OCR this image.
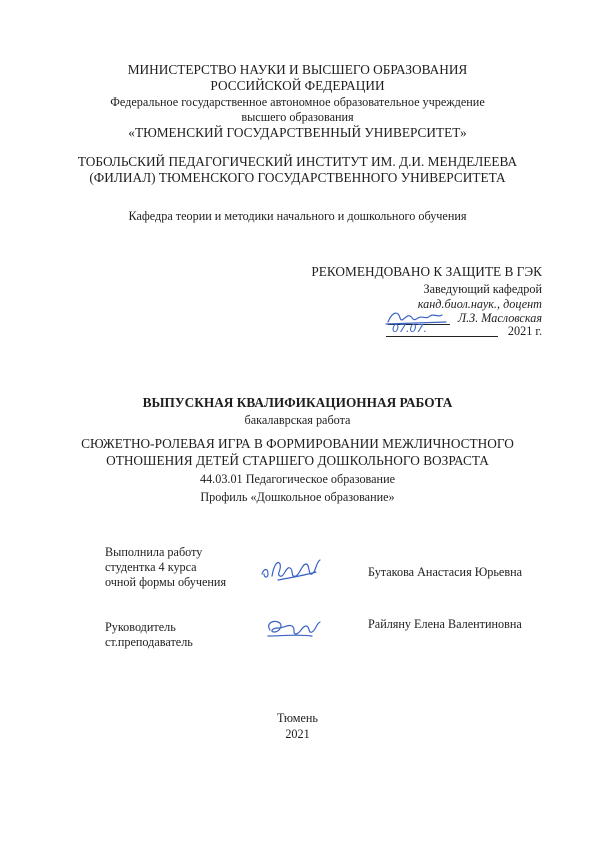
МИНИСТЕРСТВО НАУКИ И ВЫСШЕГО ОБРАЗОВАНИЯ
РОССИЙСКОЙ ФЕДЕРАЦИИ
Федеральное государственное автономное образовательное учреждение
высшего образования
«ТЮМЕНСКИЙ ГОСУДАРСТВЕННЫЙ УНИВЕРСИТЕТ»
ТОБОЛЬСКИЙ ПЕДАГОГИЧЕСКИЙ ИНСТИТУТ ИМ. Д.И. МЕНДЕЛЕЕВА
(ФИЛИАЛ) ТЮМЕНСКОГО ГОСУДАРСТВЕННОГО УНИВЕРСИТЕТА
Кафедра теории и методики начального и дошкольного обучения
РЕКОМЕНДОВАНО К ЗАЩИТЕ В ГЭК
Заведующий кафедрой
канд.биол.наук., доцент
Л.З. Масловская
07.07.	2021 г.
ВЫПУСКНАЯ КВАЛИФИКАЦИОННАЯ РАБОТА
бакалаврская работа
СЮЖЕТНО-РОЛЕВАЯ ИГРА В ФОРМИРОВАНИИ МЕЖЛИЧНОСТНОГО
ОТНОШЕНИЯ ДЕТЕЙ СТАРШЕГО ДОШКОЛЬНОГО ВОЗРАСТА
44.03.01 Педагогическое образование
Профиль «Дошкольное образование»
Выполнила работу
студентка 4 курса
очной формы обучения
Бутакова Анастасия Юрьевна
Руководитель
ст.преподаватель
Райляну Елена Валентиновна
Тюмень
2021
